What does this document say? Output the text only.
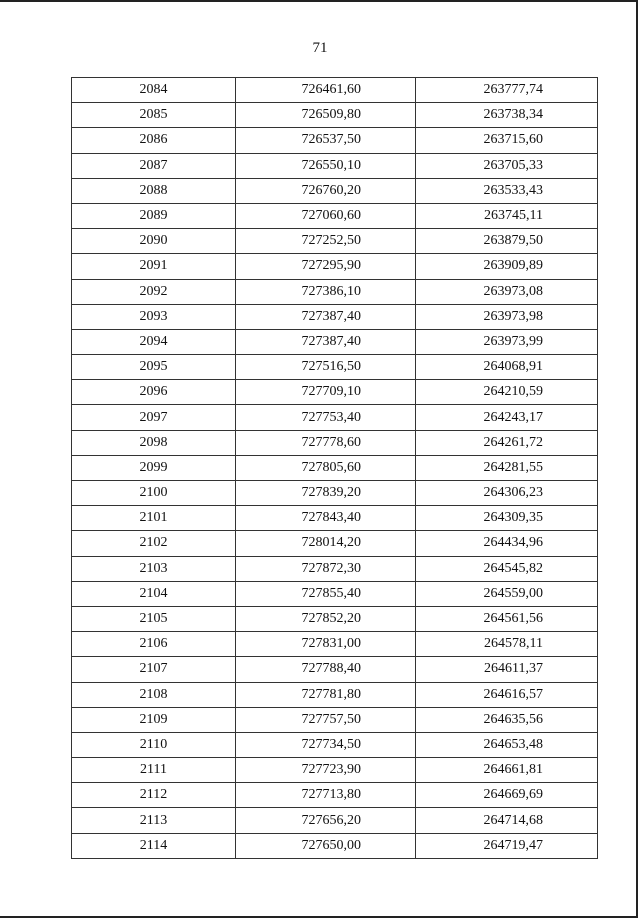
71
2084	726461,60	263777,74
2085	726509,80	263738,34
2086	726537,50	263715,60
2087	726550,10	263705,33
2088	726760,20	263533,43
2089	727060,60	263745,11
2090	727252,50	263879,50
2091	727295,90	263909,89
2092	727386,10	263973,08
2093	727387,40	263973,98
2094	727387,40	263973,99
2095	727516,50	264068,91
2096	727709,10	264210,59
2097	727753,40	264243,17
2098	727778,60	264261,72
2099	727805,60	264281,55
2100	727839,20	264306,23
2101	727843,40	264309,35
2102	728014,20	264434,96
2103	727872,30	264545,82
2104	727855,40	264559,00
2105	727852,20	264561,56
2106	727831,00	264578,11
2107	727788,40	264611,37
2108	727781,80	264616,57
2109	727757,50	264635,56
2110	727734,50	264653,48
2111	727723,90	264661,81
2112	727713,80	264669,69
2113	727656,20	264714,68
2114	727650,00	264719,47
